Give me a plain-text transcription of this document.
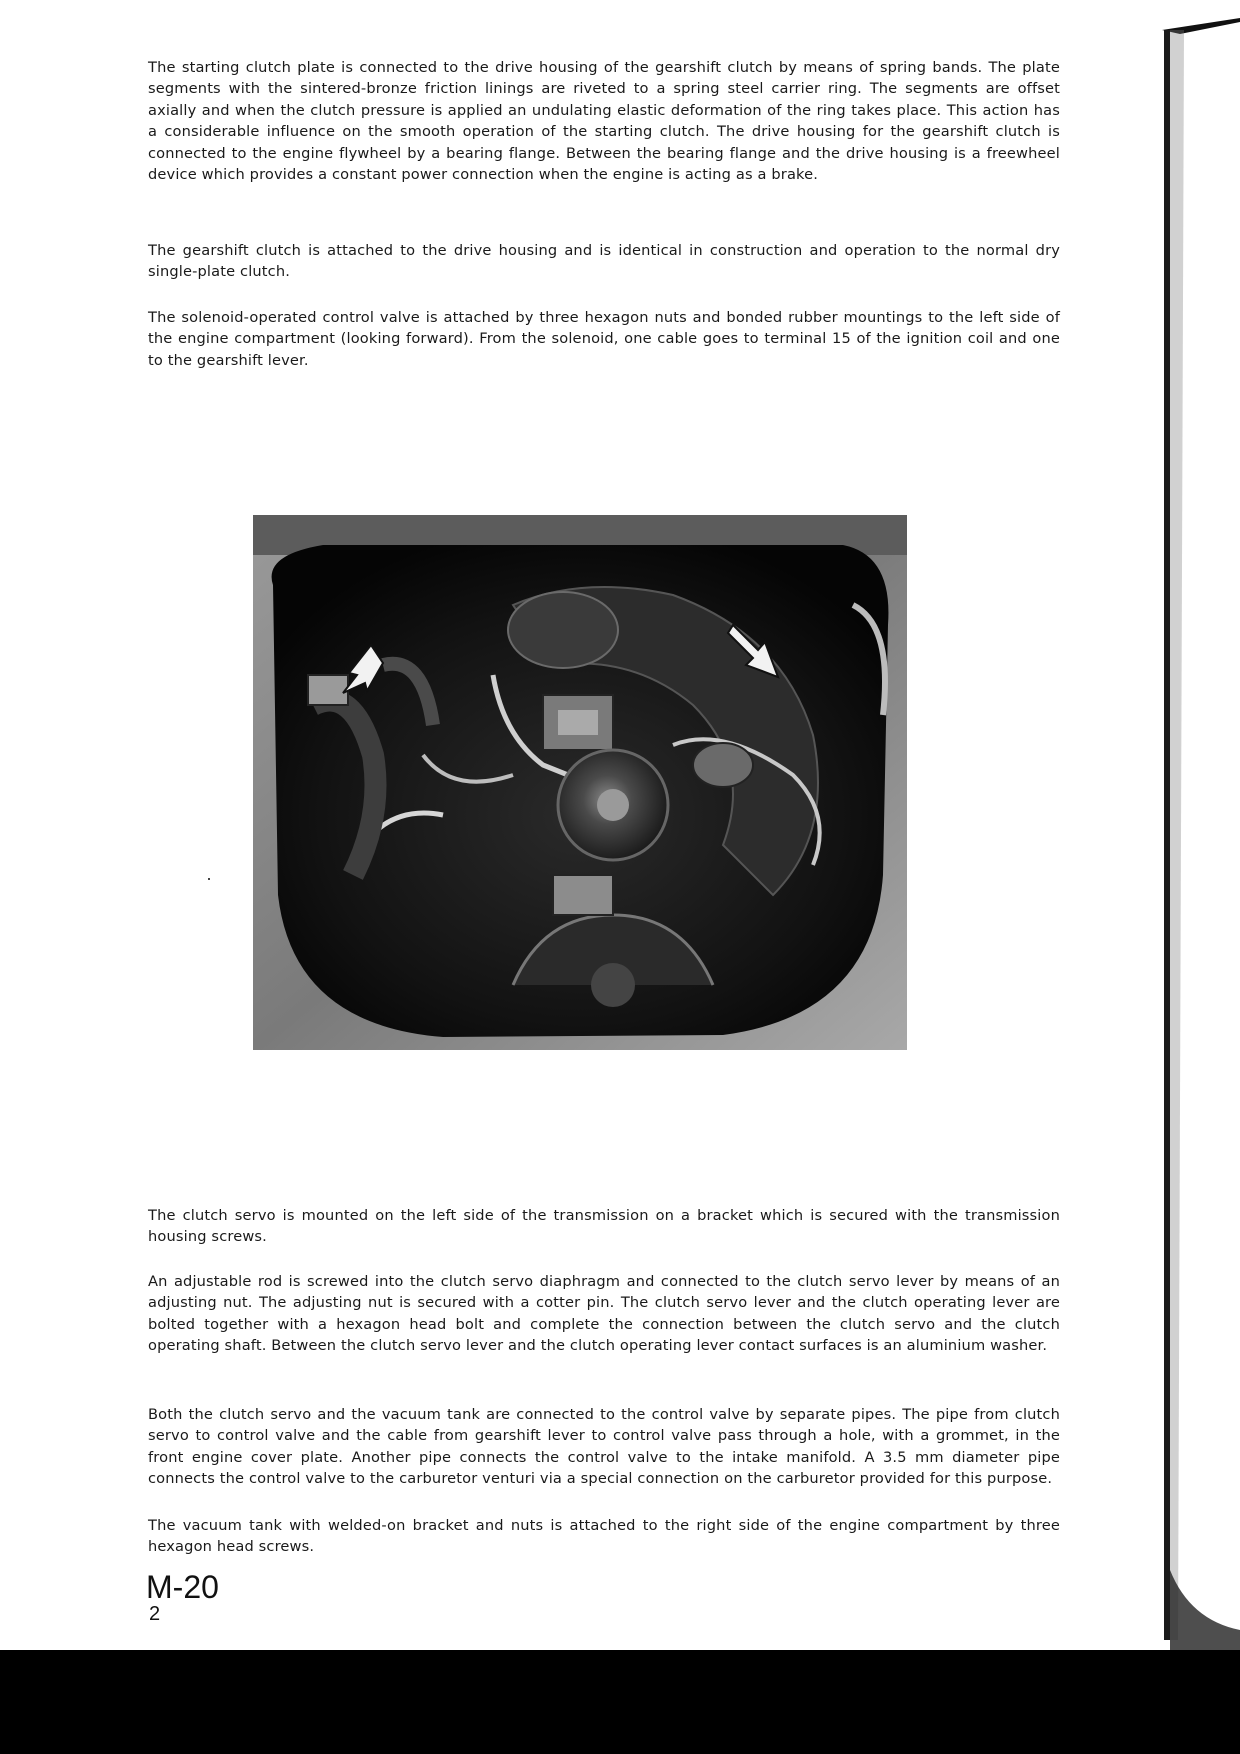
The starting clutch plate is connected to the drive housing of the gearshift clutch by means of spring bands. The plate segments with the sintered-bronze friction linings are riveted to a spring steel carrier ring. The segments are offset axially and when the clutch pressure is applied an undulating elastic deformation of the ring takes place. This action has a considerable influence on the smooth operation of the starting clutch. The drive housing for the gearshift clutch is connected to the engine flywheel by a bearing flange. Between the bearing flange and the drive housing is a freewheel device which provides a constant power connection when the engine is acting as a brake.

The gearshift clutch is attached to the drive housing and is identical in construction and operation to the normal dry single-plate clutch.

The solenoid-operated control valve is attached by three hexagon nuts and bonded rubber mountings to the left side of the engine compartment (looking forward). From the solenoid, one cable goes to terminal 15 of the ignition coil and one to the gearshift lever.

The clutch servo is mounted on the left side of the transmission on a bracket which is secured with the transmission housing screws.

An adjustable rod is screwed into the clutch servo diaphragm and connected to the clutch servo lever by means of an adjusting nut. The adjusting nut is secured with a cotter pin. The clutch servo lever and the clutch operating lever are bolted together with a hexagon head bolt and complete the connection between the clutch servo and the clutch operating shaft. Between the clutch servo lever and the clutch operating lever contact surfaces is an aluminium washer.

Both the clutch servo and the vacuum tank are connected to the control valve by separate pipes. The pipe from clutch servo to control valve and the cable from gearshift lever to control valve pass through a hole, with a grommet, in the front engine cover plate. Another pipe connects the control valve to the intake manifold. A 3.5 mm diameter pipe connects the control valve to the carburetor venturi via a special connection on the carburetor provided for this purpose.

The vacuum tank with welded-on bracket and nuts is attached to the right side of the engine compartment by three hexagon head screws.

M-20
2
